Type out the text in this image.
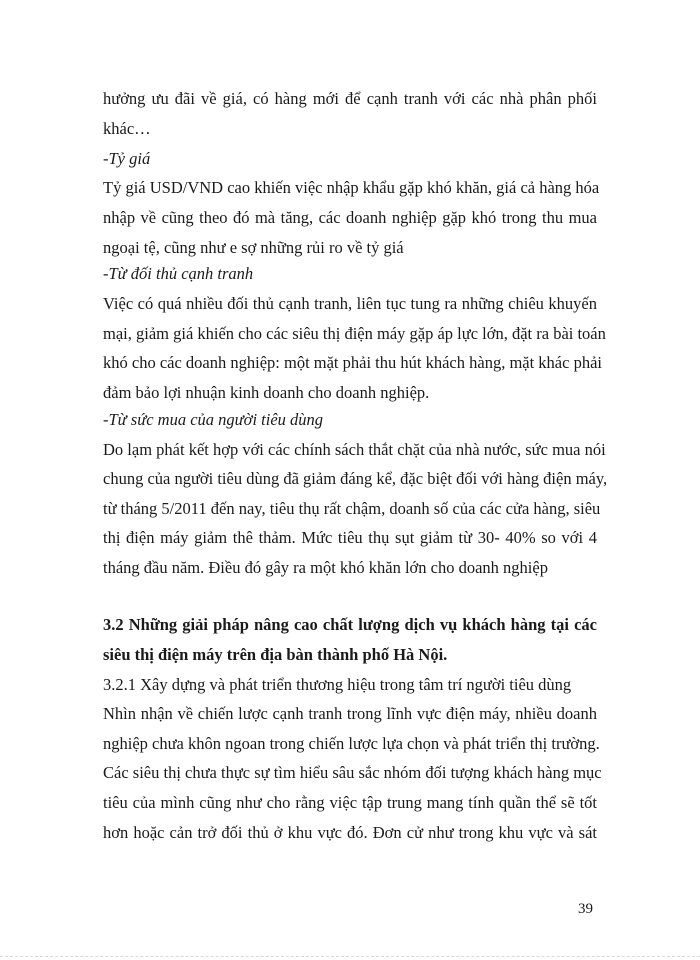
hưởng ưu đãi về giá, có hàng mới để cạnh tranh với các nhà phân phối
khác…
-Tỷ giá
Tỷ giá USD/VND cao khiến việc nhập khẩu gặp khó khăn, giá cả hàng hóa
nhập về cũng theo đó mà tăng, các doanh nghiệp gặp khó trong thu mua
ngoại tệ, cũng như e sợ những rủi ro về tỷ giá
-Từ đối thủ cạnh tranh
Việc có quá nhiều đối thủ cạnh tranh, liên tục tung ra những chiêu khuyến
mại, giảm giá khiến cho các siêu thị điện máy gặp áp lực lớn, đặt ra bài toán
khó cho các doanh nghiệp: một mặt phải thu hút khách hàng, mặt khác phải
đảm bảo lợi nhuận kinh doanh cho doanh nghiệp.
-Từ sức mua của người tiêu dùng
Do lạm phát kết hợp với các chính sách thắt chặt của nhà nước, sức mua nói
chung của người tiêu dùng đã giảm đáng kể, đặc biệt đối với hàng điện máy,
từ tháng 5/2011 đến nay, tiêu thụ rất chậm, doanh số của các cửa hàng, siêu
thị điện máy giảm thê thảm. Mức tiêu thụ sụt giảm từ 30- 40% so với 4
tháng đầu năm. Điều đó gây ra một khó khăn lớn cho doanh nghiệp
3.2 Những giải pháp nâng cao chất lượng dịch vụ khách hàng tại các
siêu thị điện máy trên địa bàn thành phố Hà Nội.
3.2.1 Xây dựng và phát triển thương hiệu trong tâm trí người tiêu dùng
Nhìn nhận về chiến lược cạnh tranh trong lĩnh vực điện máy, nhiều doanh
nghiệp chưa khôn ngoan trong chiến lược lựa chọn và phát triển thị trường.
Các siêu thị chưa thực sự tìm hiểu sâu sắc nhóm đối tượng khách hàng mục
tiêu của mình cũng như cho rằng việc tập trung mang tính quần thể sẽ tốt
hơn hoặc cản trở đối thủ ở khu vực đó. Đơn cử như trong khu vực và sát
39
